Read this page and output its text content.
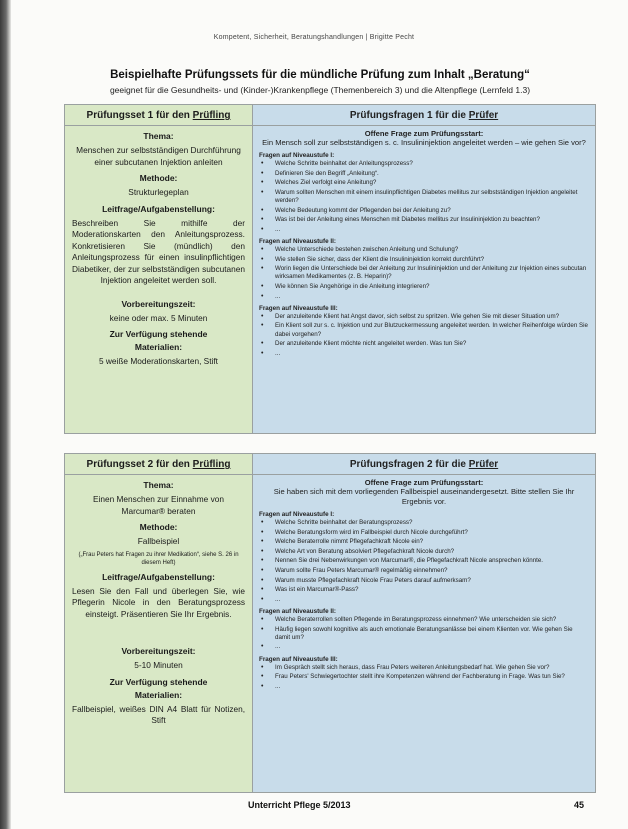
Kompetent, Sicherheit, Beratungshandlungen | Brigitte Pecht
Beispielhafte Prüfungssets für die mündliche Prüfung zum Inhalt „Beratung“
geeignet für die Gesundheits- und (Kinder-)Krankenpflege (Themenbereich 3) und die Altenpflege (Lernfeld 1.3)
Prüfungsset 1 für den Prüfling
Thema:
Menschen zur selbstständigen Durchführung einer subcutanen Injektion anleiten
Methode:
Strukturlegeplan
Leitfrage/Aufgabenstellung:
Beschreiben Sie mithilfe der Moderationskarten den Anleitungsprozess. Konkretisieren Sie (mündlich) den Anleitungsprozess für einen insulinpflichtigen Diabetiker, der zur selbstständigen subcutanen Injektion angeleitet werden soll.
Vorbereitungszeit:
keine oder max. 5 Minuten
Zur Verfügung stehende
Materialien:
5 weiße Moderationskarten, Stift
Prüfungsfragen 1 für die Prüfer
Offene Frage zum Prüfungsstart:
Ein Mensch soll zur selbstständigen s. c. Insulininjektion angeleitet werden – wie gehen Sie vor?
Fragen auf Niveaustufe I:
• Welche Schritte beinhaltet der Anleitungsprozess?
• Definieren Sie den Begriff „Anleitung“.
• Welches Ziel verfolgt eine Anleitung?
• Warum sollten Menschen mit einem insulinpflichtigen Diabetes mellitus zur selbstständigen Injektion angeleitet werden?
• Welche Bedeutung kommt der Pflegenden bei der Anleitung zu?
• Was ist bei der Anleitung eines Menschen mit Diabetes mellitus zur Insulininjektion zu beachten?
• ...
Fragen auf Niveaustufe II:
• Welche Unterschiede bestehen zwischen Anleitung und Schulung?
• Wie stellen Sie sicher, dass der Klient die Insulininjektion korrekt durchführt?
• Worin liegen die Unterschiede bei der Anleitung zur Insulininjektion und der Anleitung zur Injektion eines subcutan wirksamen Medikamentes (z. B. Heparin)?
• Wie können Sie Angehörige in die Anleitung integrieren?
• ...
Fragen auf Niveaustufe III:
• Der anzuleitende Klient hat Angst davor, sich selbst zu spritzen. Wie gehen Sie mit dieser Situation um?
• Ein Klient soll zur s. c. Injektion und zur Blutzuckermessung angeleitet werden. In welcher Reihenfolge würden Sie dabei vorgehen?
• Der anzuleitende Klient möchte nicht angeleitet werden. Was tun Sie?
• ...
Prüfungsset 2 für den Prüfling
Thema:
Einen Menschen zur Einnahme von Marcumar® beraten
Methode:
Fallbeispiel
(„Frau Peters hat Fragen zu ihrer Medikation“, siehe S. 26 in diesem Heft)
Leitfrage/Aufgabenstellung:
Lesen Sie den Fall und überlegen Sie, wie Pflegerin Nicole in den Beratungsprozess einsteigt. Präsentieren Sie Ihr Ergebnis.
Vorbereitungszeit:
5-10 Minuten
Zur Verfügung stehende
Materialien:
Fallbeispiel, weißes DIN A4 Blatt für Notizen, Stift
Prüfungsfragen 2 für die Prüfer
Offene Frage zum Prüfungsstart:
Sie haben sich mit dem vorliegenden Fallbeispiel auseinandergesetzt. Bitte stellen Sie Ihr Ergebnis vor.
Fragen auf Niveaustufe I:
• Welche Schritte beinhaltet der Beratungsprozess?
• Welche Beratungsform wird im Fallbeispiel durch Nicole durchgeführt?
• Welche Beraterrolle nimmt Pflegefachkraft Nicole ein?
• Welche Art von Beratung absolviert Pflegefachkraft Nicole durch?
• Nennen Sie drei Nebenwirkungen von Marcumar®, die Pflegefachkraft Nicole ansprechen könnte.
• Warum sollte Frau Peters Marcumar® regelmäßig einnehmen?
• Warum musste Pflegefachkraft Nicole Frau Peters darauf aufmerksam?
• Was ist ein Marcumar®-Pass?
• ...
Fragen auf Niveaustufe II:
• Welche Beraterrollen sollten Pflegende im Beratungsprozess einnehmen? Wie unterscheiden sie sich?
• Häufig liegen sowohl kognitive als auch emotionale Beratungsanlässe bei einem Klienten vor. Wie gehen Sie damit um?
• ...
Fragen auf Niveaustufe III:
• Im Gespräch stellt sich heraus, dass Frau Peters weiteren Anleitungsbedarf hat. Wie gehen Sie vor?
• Frau Peters' Schwiegertochter stellt ihre Kompetenzen während der Fachberatung in Frage. Was tun Sie?
• ...
Unterricht Pflege 5/2013	45
